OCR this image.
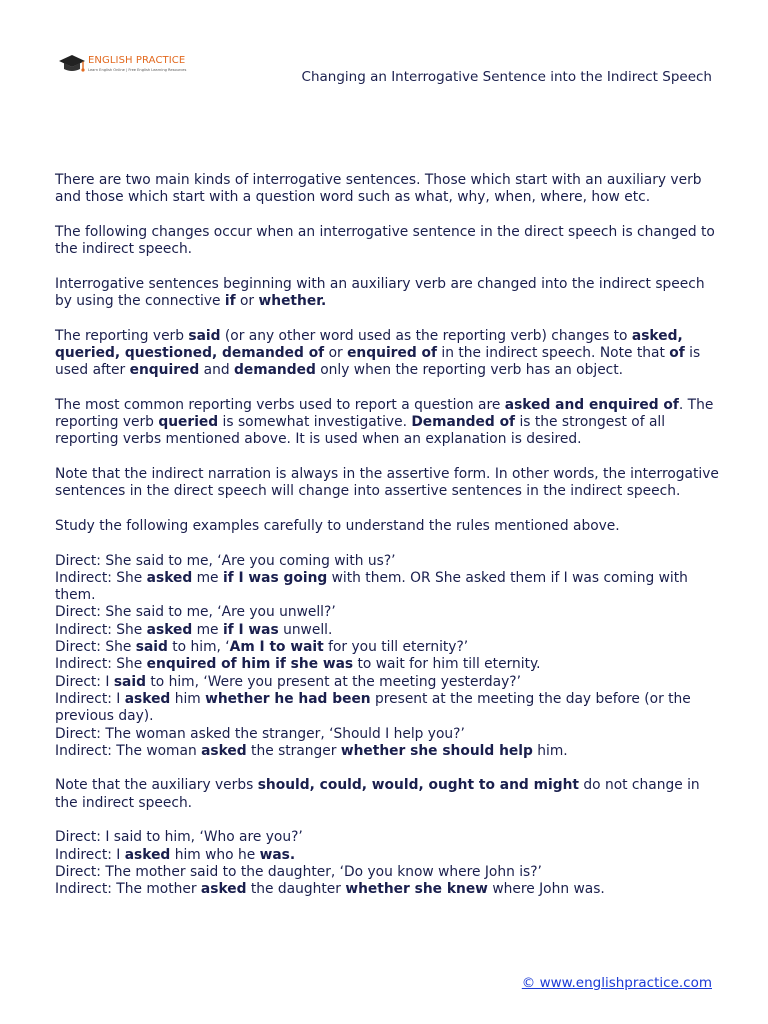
ENGLISH PRACTICE
Learn English Online | Free English Learning Resources	Changing an Interrogative Sentence into the Indirect Speech

There are two main kinds of interrogative sentences. Those which start with an auxiliary verb and those which start with a question word such as what, why, when, where, how etc.

The following changes occur when an interrogative sentence in the direct speech is changed to the indirect speech.

Interrogative sentences beginning with an auxiliary verb are changed into the indirect speech by using the connective if or whether.

The reporting verb said (or any other word used as the reporting verb) changes to asked, queried, questioned, demanded of or enquired of in the indirect speech. Note that of is used after enquired and demanded only when the reporting verb has an object.

The most common reporting verbs used to report a question are asked and enquired of. The reporting verb queried is somewhat investigative. Demanded of is the strongest of all reporting verbs mentioned above. It is used when an explanation is desired.

Note that the indirect narration is always in the assertive form. In other words, the interrogative sentences in the direct speech will change into assertive sentences in the indirect speech.

Study the following examples carefully to understand the rules mentioned above.

Direct: She said to me, ‘Are you coming with us?’
Indirect: She asked me if I was going with them. OR She asked them if I was coming with them.
Direct: She said to me, ‘Are you unwell?’
Indirect: She asked me if I was unwell.
Direct: She said to him, ‘Am I to wait for you till eternity?’
Indirect: She enquired of him if she was to wait for him till eternity.
Direct: I said to him, ‘Were you present at the meeting yesterday?’
Indirect: I asked him whether he had been present at the meeting the day before (or the previous day).
Direct: The woman asked the stranger, ‘Should I help you?’
Indirect: The woman asked the stranger whether she should help him.

Note that the auxiliary verbs should, could, would, ought to and might do not change in the indirect speech.

Direct: I said to him, ‘Who are you?’
Indirect: I asked him who he was.
Direct: The mother said to the daughter, ‘Do you know where John is?’
Indirect: The mother asked the daughter whether she knew where John was.
© www.englishpractice.com
